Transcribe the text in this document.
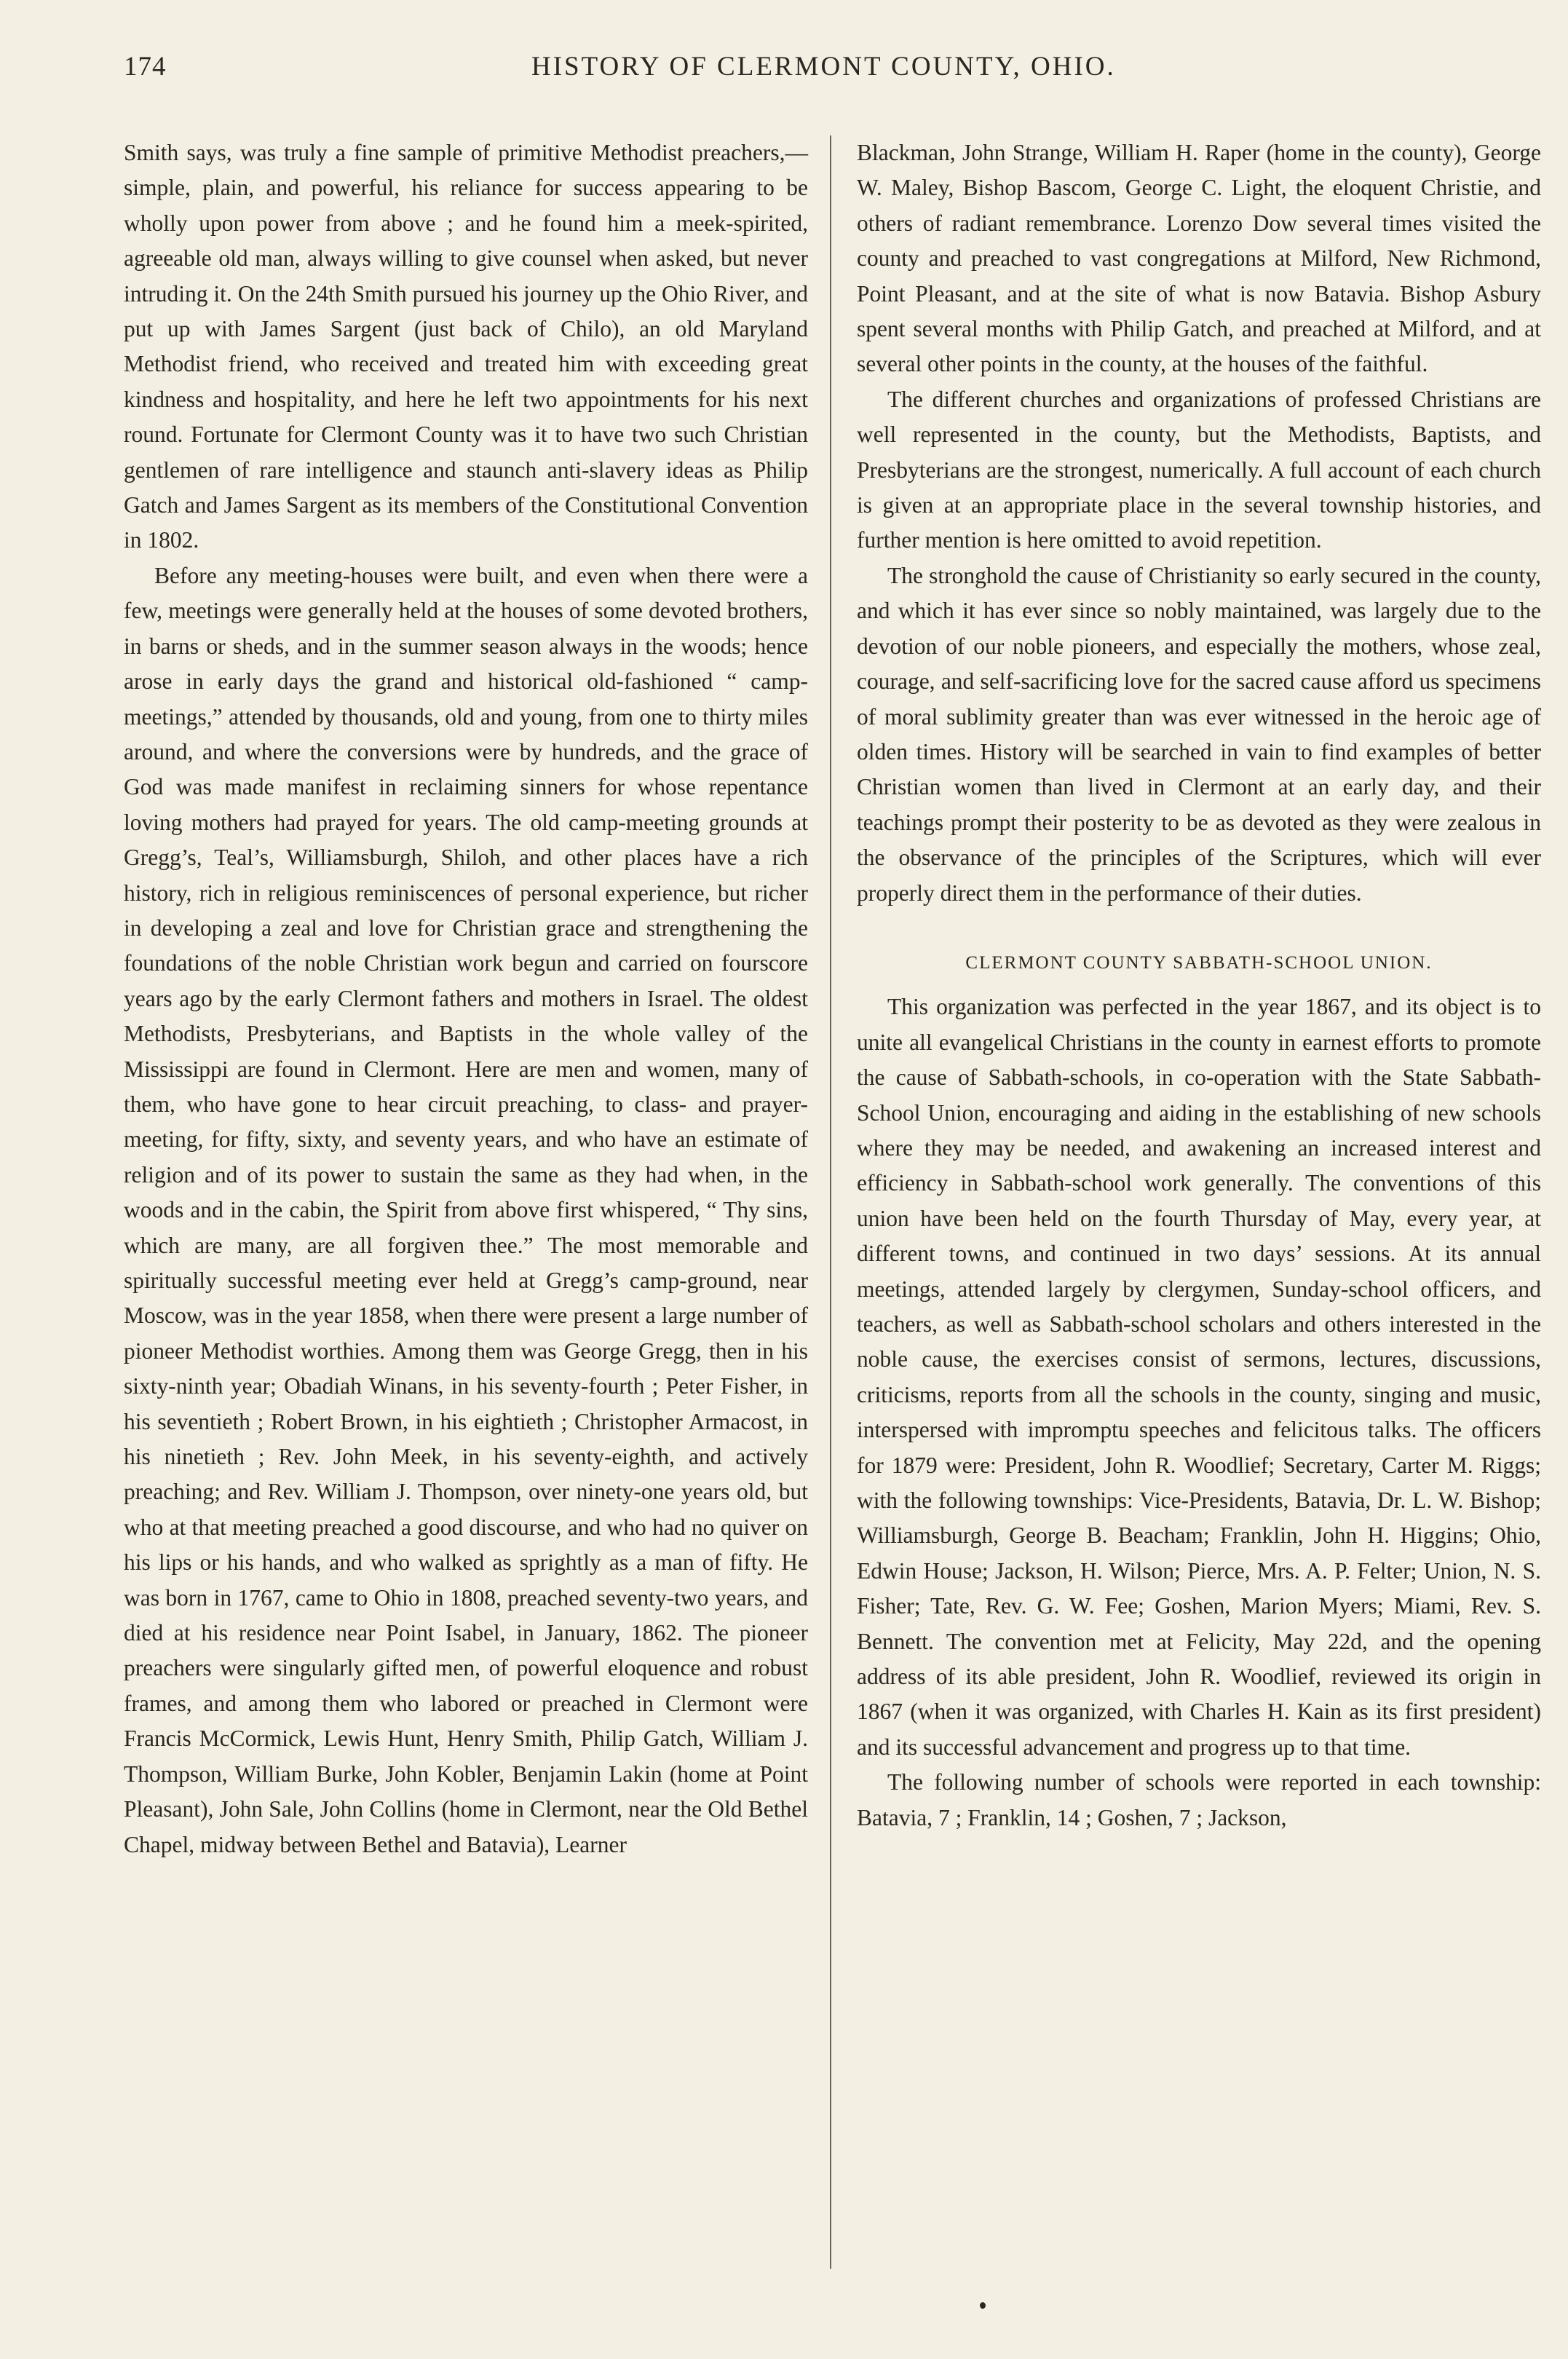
174	HISTORY OF CLERMONT COUNTY, OHIO.

Smith says, was truly a fine sample of primitive Methodist preachers,—simple, plain, and powerful, his reliance for success appearing to be wholly upon power from above ; and he found him a meek-spirited, agreeable old man, always willing to give counsel when asked, but never intruding it. On the 24th Smith pursued his journey up the Ohio River, and put up with James Sargent (just back of Chilo), an old Maryland Methodist friend, who received and treated him with exceeding great kindness and hospitality, and here he left two appointments for his next round. Fortunate for Clermont County was it to have two such Christian gentlemen of rare intelligence and staunch anti-slavery ideas as Philip Gatch and James Sargent as its members of the Constitutional Convention in 1802.

Before any meeting-houses were built, and even when there were a few, meetings were generally held at the houses of some devoted brothers, in barns or sheds, and in the summer season always in the woods; hence arose in early days the grand and historical old-fashioned “ camp-meetings,” attended by thousands, old and young, from one to thirty miles around, and where the conversions were by hundreds, and the grace of God was made manifest in reclaiming sinners for whose repentance loving mothers had prayed for years. The old camp-meeting grounds at Gregg’s, Teal’s, Williamsburgh, Shiloh, and other places have a rich history, rich in religious reminiscences of personal experience, but richer in developing a zeal and love for Christian grace and strengthening the foundations of the noble Christian work begun and carried on fourscore years ago by the early Clermont fathers and mothers in Israel. The oldest Methodists, Presbyterians, and Baptists in the whole valley of the Mississippi are found in Clermont. Here are men and women, many of them, who have gone to hear circuit preaching, to class- and prayer-meeting, for fifty, sixty, and seventy years, and who have an estimate of religion and of its power to sustain the same as they had when, in the woods and in the cabin, the Spirit from above first whispered, “ Thy sins, which are many, are all forgiven thee.” The most memorable and spiritually successful meeting ever held at Gregg’s camp-ground, near Moscow, was in the year 1858, when there were present a large number of pioneer Methodist worthies. Among them was George Gregg, then in his sixty-ninth year; Obadiah Winans, in his seventy-fourth ; Peter Fisher, in his seventieth ; Robert Brown, in his eightieth ; Christopher Armacost, in his ninetieth ; Rev. John Meek, in his seventy-eighth, and actively preaching; and Rev. William J. Thompson, over ninety-one years old, but who at that meeting preached a good discourse, and who had no quiver on his lips or his hands, and who walked as sprightly as a man of fifty. He was born in 1767, came to Ohio in 1808, preached seventy-two years, and died at his residence near Point Isabel, in January, 1862. The pioneer preachers were singularly gifted men, of powerful eloquence and robust frames, and among them who labored or preached in Clermont were Francis McCormick, Lewis Hunt, Henry Smith, Philip Gatch, William J. Thompson, William Burke, John Kobler, Benjamin Lakin (home at Point Pleasant), John Sale, John Collins (home in Clermont, near the Old Bethel Chapel, midway between Bethel and Batavia), Learner

Blackman, John Strange, William H. Raper (home in the county), George W. Maley, Bishop Bascom, George C. Light, the eloquent Christie, and others of radiant remembrance. Lorenzo Dow several times visited the county and preached to vast congregations at Milford, New Richmond, Point Pleasant, and at the site of what is now Batavia. Bishop Asbury spent several months with Philip Gatch, and preached at Milford, and at several other points in the county, at the houses of the faithful.

The different churches and organizations of professed Christians are well represented in the county, but the Methodists, Baptists, and Presbyterians are the strongest, numerically. A full account of each church is given at an appropriate place in the several township histories, and further mention is here omitted to avoid repetition.

The stronghold the cause of Christianity so early secured in the county, and which it has ever since so nobly maintained, was largely due to the devotion of our noble pioneers, and especially the mothers, whose zeal, courage, and self-sacrificing love for the sacred cause afford us specimens of moral sublimity greater than was ever witnessed in the heroic age of olden times. History will be searched in vain to find examples of better Christian women than lived in Clermont at an early day, and their teachings prompt their posterity to be as devoted as they were zealous in the observance of the principles of the Scriptures, which will ever properly direct them in the performance of their duties.

CLERMONT COUNTY SABBATH-SCHOOL UNION.

This organization was perfected in the year 1867, and its object is to unite all evangelical Christians in the county in earnest efforts to promote the cause of Sabbath-schools, in co-operation with the State Sabbath-School Union, encouraging and aiding in the establishing of new schools where they may be needed, and awakening an increased interest and efficiency in Sabbath-school work generally. The conventions of this union have been held on the fourth Thursday of May, every year, at different towns, and continued in two days’ sessions. At its annual meetings, attended largely by clergymen, Sunday-school officers, and teachers, as well as Sabbath-school scholars and others interested in the noble cause, the exercises consist of sermons, lectures, discussions, criticisms, reports from all the schools in the county, singing and music, interspersed with impromptu speeches and felicitous talks. The officers for 1879 were: President, John R. Woodlief; Secretary, Carter M. Riggs; with the following townships: Vice-Presidents, Batavia, Dr. L. W. Bishop; Williamsburgh, George B. Beacham; Franklin, John H. Higgins; Ohio, Edwin House; Jackson, H. Wilson; Pierce, Mrs. A. P. Felter; Union, N. S. Fisher; Tate, Rev. G. W. Fee; Goshen, Marion Myers; Miami, Rev. S. Bennett. The convention met at Felicity, May 22d, and the opening address of its able president, John R. Woodlief, reviewed its origin in 1867 (when it was organized, with Charles H. Kain as its first president) and its successful advancement and progress up to that time.

The following number of schools were reported in each township: Batavia, 7 ; Franklin, 14 ; Goshen, 7 ; Jackson,
